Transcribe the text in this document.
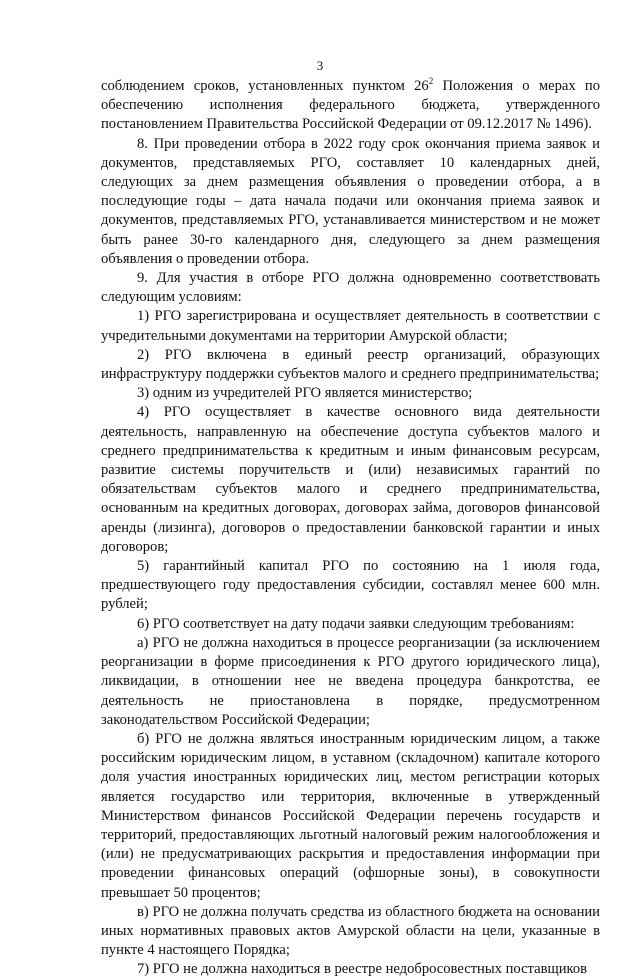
3

соблюдением сроков, установленных пунктом $26^2$ Положения о мерах по обеспечению исполнения федерального бюджета, утвержденного постановлением Правительства Российской Федерации от 09.12.2017 № 1496).

8. При проведении отбора в 2022 году срок окончания приема заявок и документов, представляемых РГО, составляет 10 календарных дней, следующих за днем размещения объявления о проведении отбора, а в последующие годы – дата начала подачи или окончания приема заявок и документов, представляемых РГО, устанавливается министерством и не может быть ранее 30-го календарного дня, следующего за днем размещения объявления о проведении отбора.

9. Для участия в отборе РГО должна одновременно соответствовать следующим условиям:

1) РГО зарегистрирована и осуществляет деятельность в соответствии с учредительными документами на территории Амурской области;

2) РГО включена в единый реестр организаций, образующих инфраструктуру поддержки субъектов малого и среднего предпринимательства;

3) одним из учредителей РГО является министерство;

4) РГО осуществляет в качестве основного вида деятельности деятельность, направленную на обеспечение доступа субъектов малого и среднего предпринимательства к кредитным и иным финансовым ресурсам, развитие системы поручительств и (или) независимых гарантий по обязательствам субъектов малого и среднего предпринимательства, основанным на кредитных договорах, договорах займа, договоров финансовой аренды (лизинга), договоров о предоставлении банковской гарантии и иных договоров;

5) гарантийный капитал РГО по состоянию на 1 июля года, предшествующего году предоставления субсидии, составлял менее 600 млн. рублей;

6) РГО соответствует на дату подачи заявки следующим требованиям:

а) РГО не должна находиться в процессе реорганизации (за исключением реорганизации в форме присоединения к РГО другого юридического лица), ликвидации, в отношении нее не введена процедура банкротства, ее деятельность не приостановлена в порядке, предусмотренном законодательством Российской Федерации;

б) РГО не должна являться иностранным юридическим лицом, а также российским юридическим лицом, в уставном (складочном) капитале которого доля участия иностранных юридических лиц, местом регистрации которых является государство или территория, включенные в утвержденный Министерством финансов Российской Федерации перечень государств и территорий, предоставляющих льготный налоговый режим налогообложения и (или) не предусматривающих раскрытия и предоставления информации при проведении финансовых операций (офшорные зоны), в совокупности превышает 50 процентов;

в) РГО не должна получать средства из областного бюджета на основании иных нормативных правовых актов Амурской области на цели, указанные в пункте 4 настоящего Порядка;

7) РГО не должна находиться в реестре недобросовестных поставщиков
